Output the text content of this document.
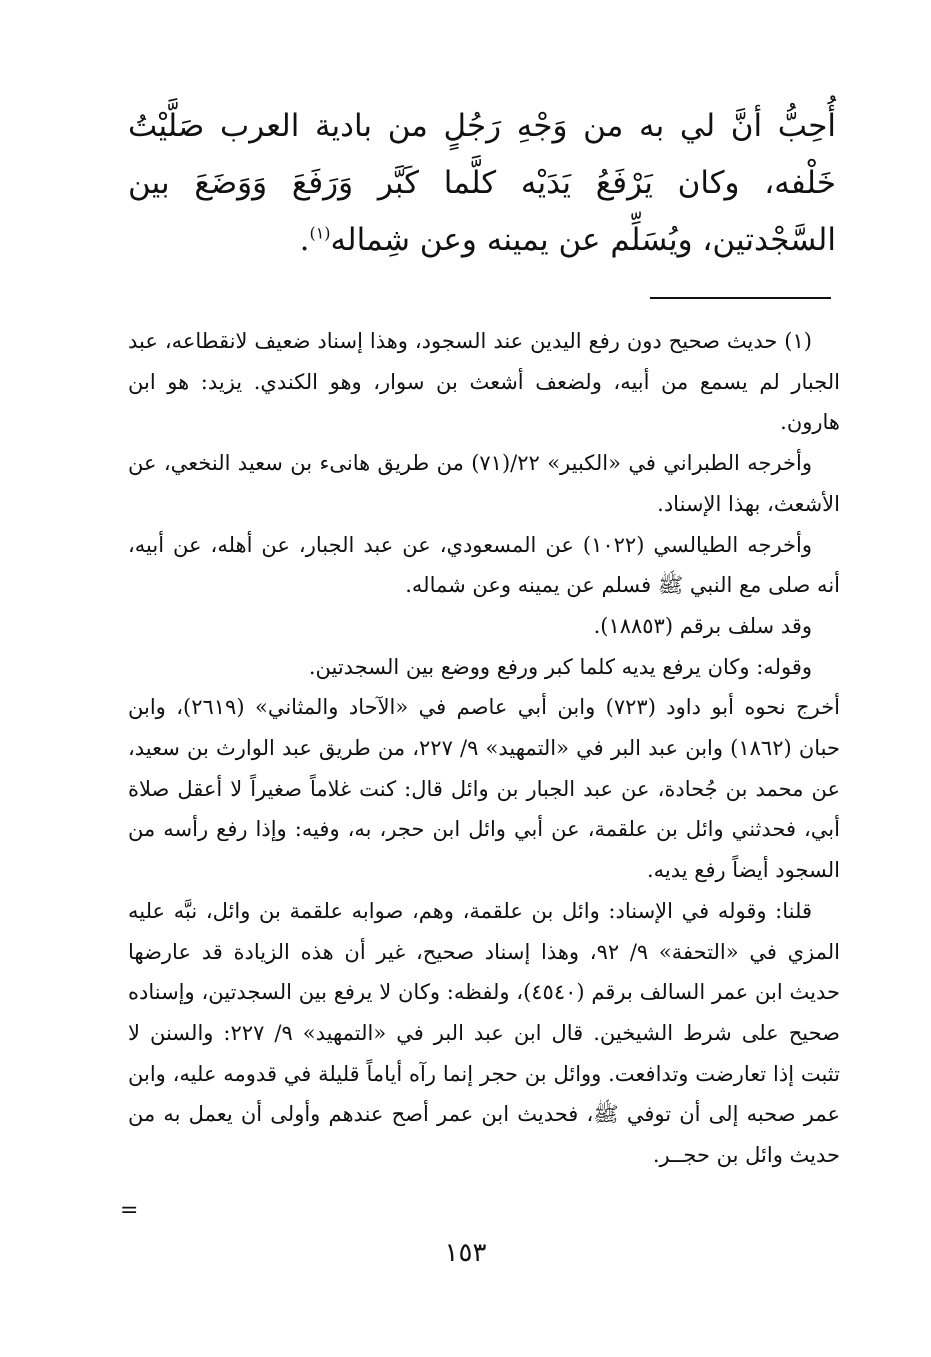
أُحِبُّ أنَّ لي به من وَجْهِ رَجُلٍ من بادية العرب صَلَّيْتُ خَلْفه، وكان يَرْفَعُ يَدَيْه كلَّما كَبَّر وَرَفَعَ وَوَضَعَ بين السَّجْدتين، ويُسَلِّم عن يمينه وعن شِماله$^{(١)}$.

(١) حديث صحيح دون رفع اليدين عند السجود، وهذا إسناد ضعيف لانقطاعه، عبد الجبار لم يسمع من أبيه، ولضعف أشعث بن سوار، وهو الكندي. يزيد: هو ابن هارون.

وأخرجه الطبراني في «الكبير» ٢٢/(٧١) من طريق هانىء بن سعيد النخعي، عن الأشعث، بهذا الإسناد.

وأخرجه الطيالسي (١٠٢٢) عن المسعودي، عن عبد الجبار، عن أهله، عن أبيه، أنه صلى مع النبي ﷺ فسلم عن يمينه وعن شماله.

وقد سلف برقم (١٨٨٥٣).

وقوله: وكان يرفع يديه كلما كبر ورفع ووضع بين السجدتين.

أخرج نحوه أبو داود (٧٢٣) وابن أبي عاصم في «الآحاد والمثاني» (٢٦١٩)، وابن حبان (١٨٦٢) وابن عبد البر في «التمهيد» ٩/ ٢٢٧، من طريق عبد الوارث بن سعيد، عن محمد بن جُحادة، عن عبد الجبار بن وائل قال: كنت غلاماً صغيراً لا أعقل صلاة أبي، فحدثني وائل بن علقمة، عن أبي وائل ابن حجر، به، وفيه: وإذا رفع رأسه من السجود أيضاً رفع يديه.

قلنا: وقوله في الإسناد: وائل بن علقمة، وهم، صوابه علقمة بن وائل، نبَّه عليه المزي في «التحفة» ٩/ ٩٢، وهذا إسناد صحيح، غير أن هذه الزيادة قد عارضها حديث ابن عمر السالف برقم (٤٥٤٠)، ولفظه: وكان لا يرفع بين السجدتين، وإسناده صحيح على شرط الشيخين. قال ابن عبد البر في «التمهيد» ٩/ ٢٢٧: والسنن لا تثبت إذا تعارضت وتدافعت. ووائل بن حجر إنما رآه أياماً قليلة في قدومه عليه، وابن عمر صحبه إلى أن توفي ﷺ، فحديث ابن عمر أصح عندهم وأولى أن يعمل به من حديث وائل بن حجــر.

=
١٥٣
